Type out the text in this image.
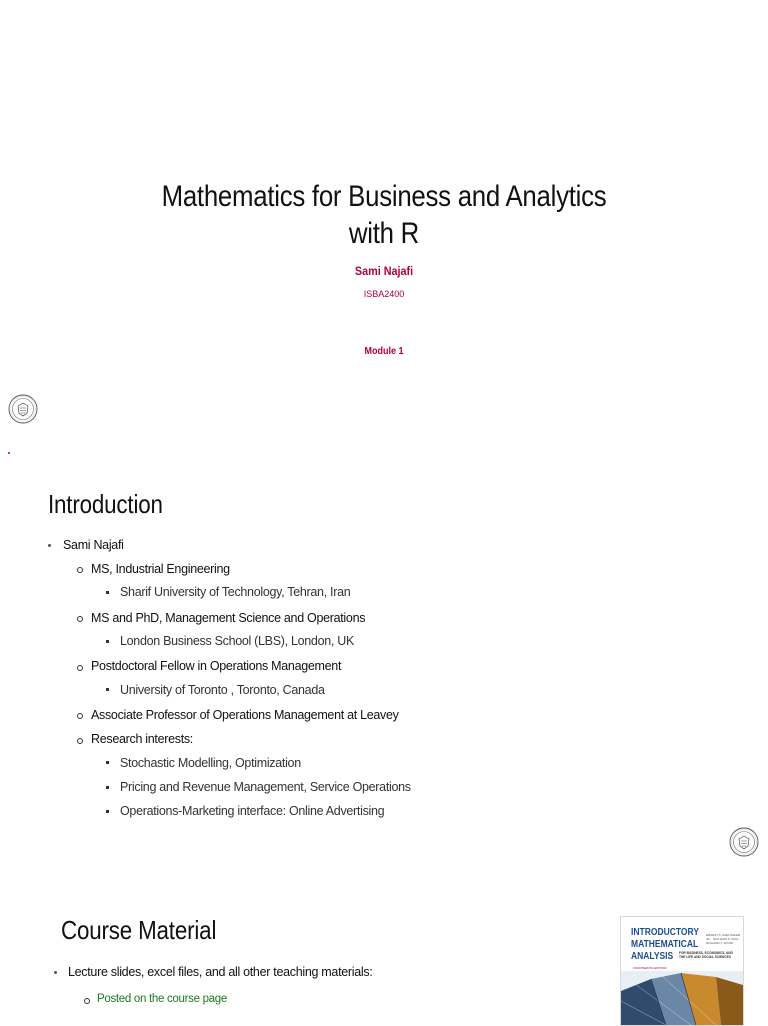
Mathematics for Business and Analytics
with R
Sami Najafi
ISBA2400
Module 1
Introduction
Sami Najafi
MS, Industrial Engineering
Sharif University of Technology, Tehran, Iran
MS and PhD, Management Science and Operations
London Business School (LBS), London, UK
Postdoctoral Fellow in Operations Management
University of Toronto , Toronto, Canada
Associate Professor of Operations Management at Leavey
Research interests:
Stochastic Modelling, Optimization
Pricing and Revenue Management, Service Operations
Operations-Marketing interface: Online Advertising
Course Material
Lecture slides, excel files, and all other teaching materials:
Posted on the course page
INTRODUCTORY
MATHEMATICAL
ANALYSIS
ERNEST F. HAEUSSLER JR. · RICHARD S. PAUL · RICHARD J. WOOD
FOR BUSINESS, ECONOMICS, AND THE LIFE AND SOCIAL SCIENCES
FOURTEENTH EDITION
